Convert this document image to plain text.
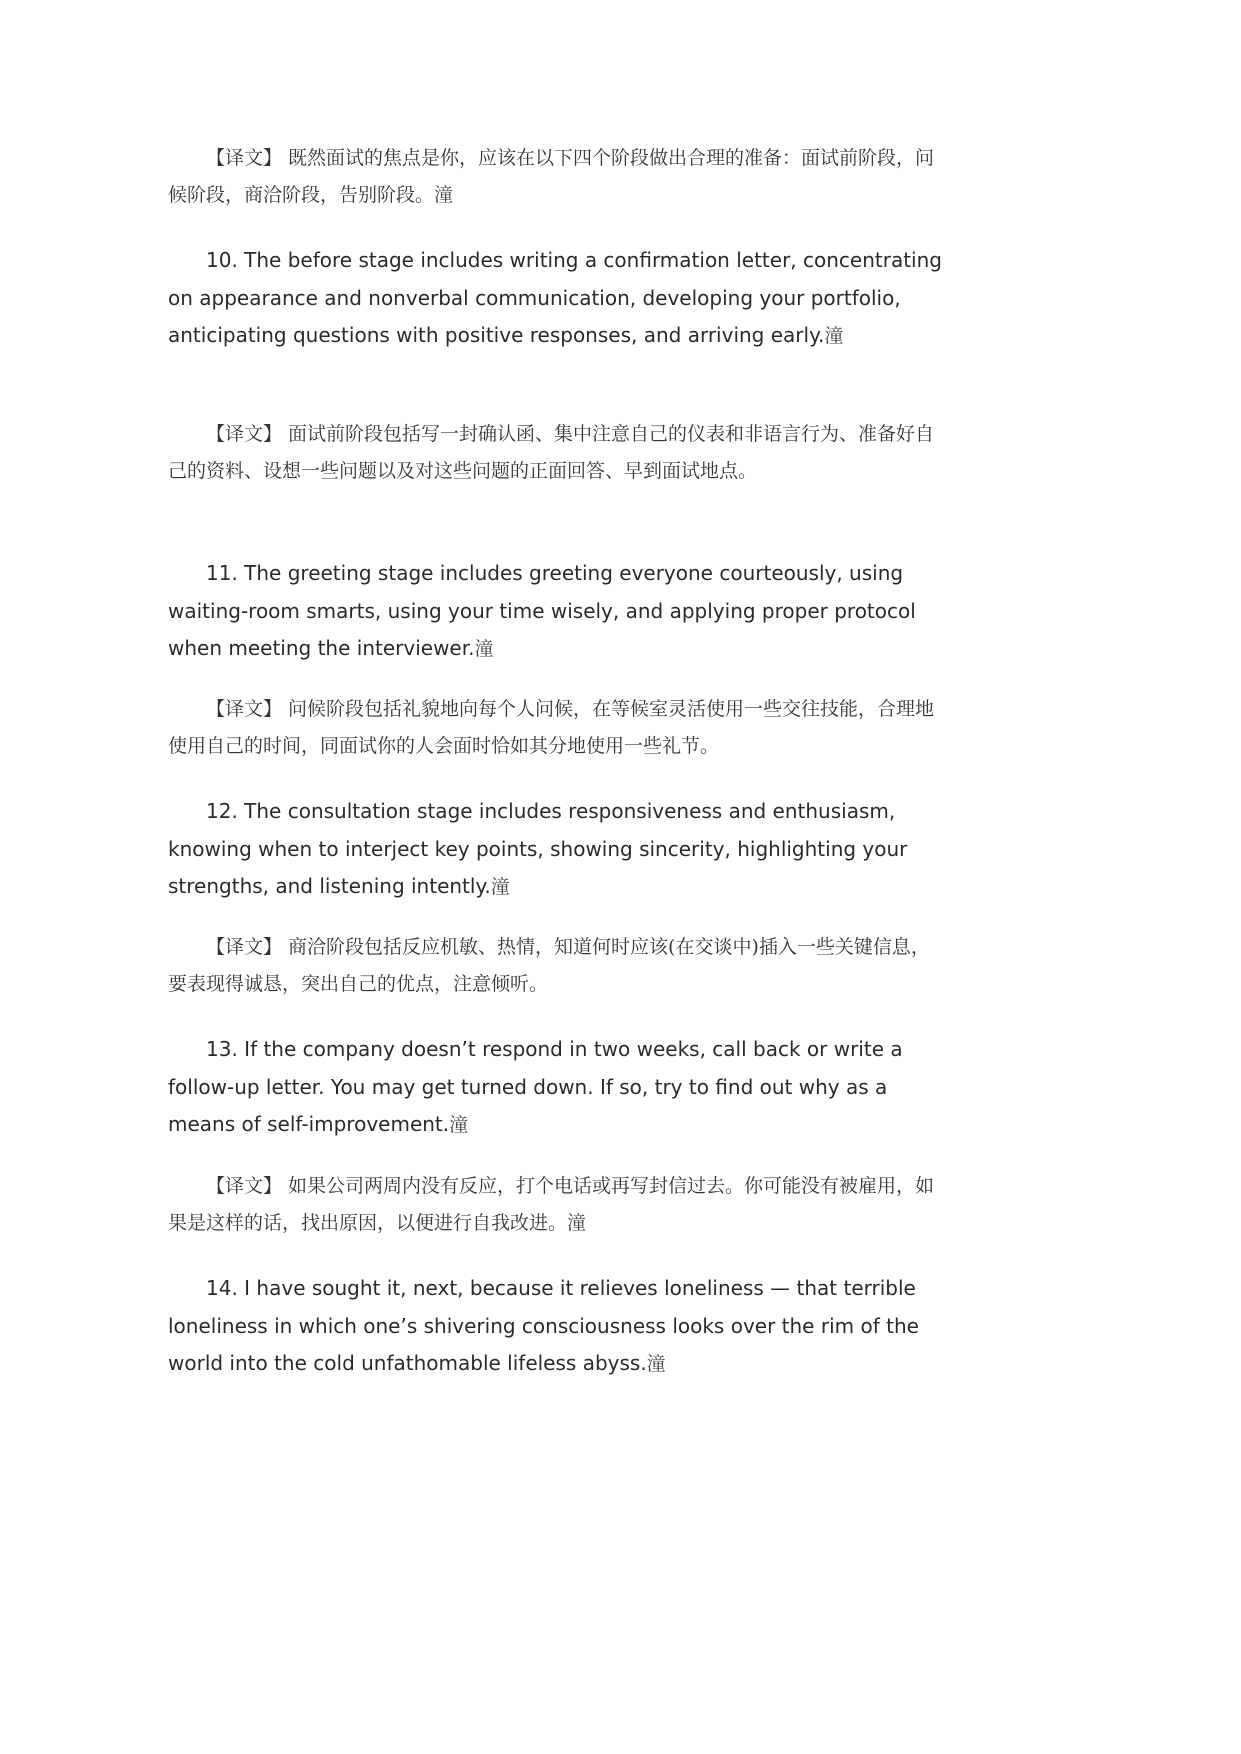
【译文】 既然面试的焦点是你，应该在以下四个阶段做出合理的准备：面试前阶段，问候阶段，商洽阶段，告别阶段。潼

10. The before stage includes writing a confirmation letter, concentrating on appearance and nonverbal communication, developing your portfolio, anticipating questions with positive responses, and arriving early.潼

【译文】 面试前阶段包括写一封确认函、集中注意自己的仪表和非语言行为、准备好自己的资料、设想一些问题以及对这些问题的正面回答、早到面试地点。

11. The greeting stage includes greeting everyone courteously, using waiting-room smarts, using your time wisely, and applying proper protocol when meeting the interviewer.潼

【译文】 问候阶段包括礼貌地向每个人问候，在等候室灵活使用一些交往技能，合理地使用自己的时间，同面试你的人会面时恰如其分地使用一些礼节。

12. The consultation stage includes responsiveness and enthusiasm, knowing when to interject key points, showing sincerity, highlighting your strengths, and listening intently.潼

【译文】 商洽阶段包括反应机敏、热情，知道何时应该(在交谈中)插入一些关键信息，要表现得诚恳，突出自己的优点，注意倾听。

13. If the company doesn’t respond in two weeks, call back or write a follow-up letter. You may get turned down. If so, try to find out why as a means of self-improvement.潼

【译文】 如果公司两周内没有反应，打个电话或再写封信过去。你可能没有被雇用，如果是这样的话，找出原因，以便进行自我改进。潼

14. I have sought it, next, because it relieves loneliness — that terrible loneliness in which one’s shivering consciousness looks over the rim of the world into the cold unfathomable lifeless abyss.潼
